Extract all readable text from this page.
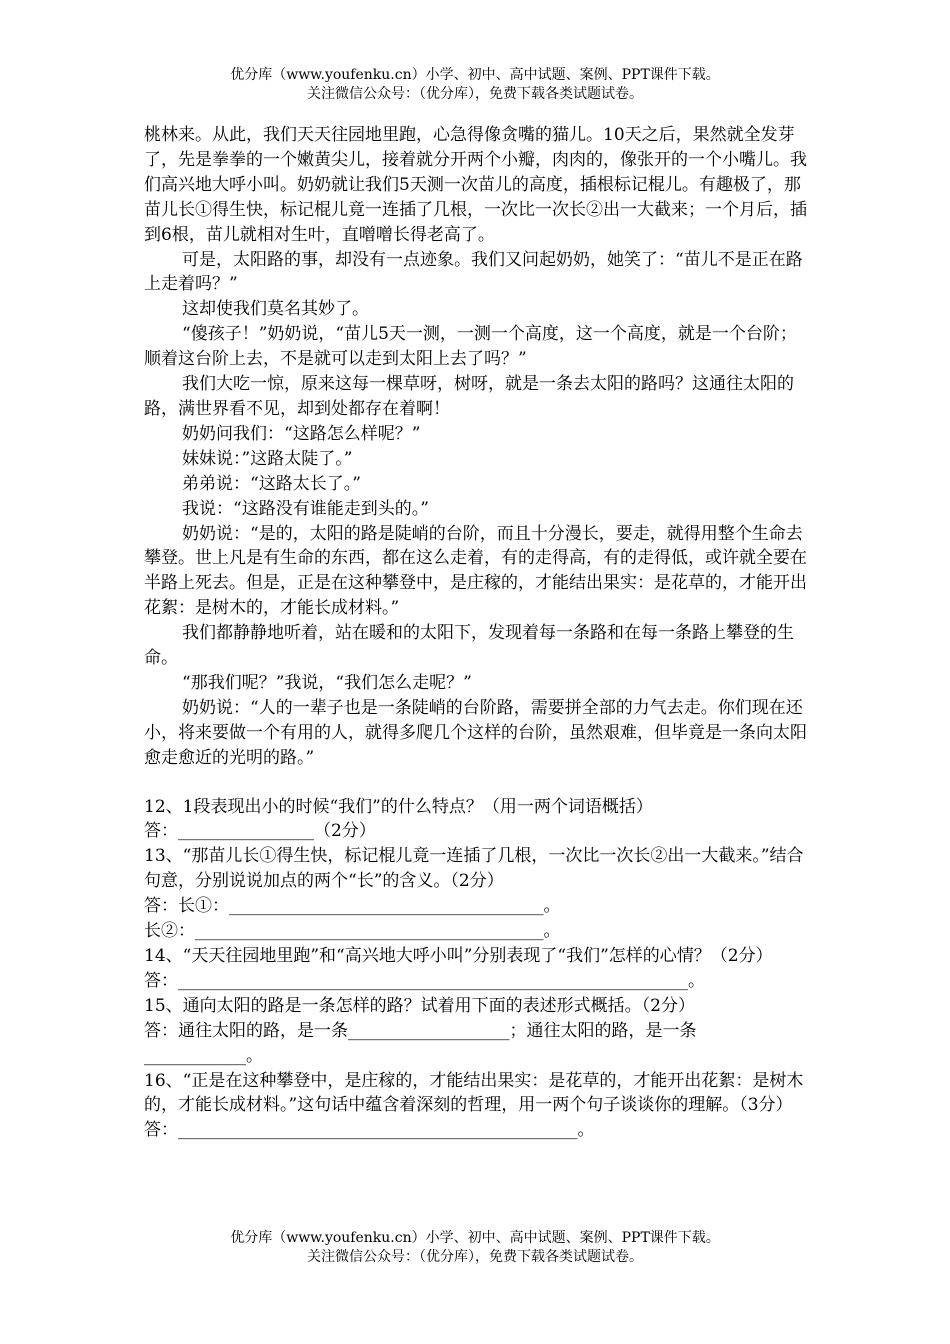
优分库（www.youfenku.cn）小学、初中、高中试题、案例、PPT课件下载。
关注微信公众号：（优分库），免费下载各类试题试卷。

桃林来。从此，我们天天往园地里跑，心急得像贪嘴的猫儿。10天之后，果然就全发芽了，先是拳拳的一个嫩黄尖儿，接着就分开两个小瓣，肉肉的，像张开的一个小嘴儿。我们高兴地大呼小叫。奶奶就让我们5天测一次苗儿的高度，插根标记棍儿。有趣极了，那苗儿长①得生快，标记棍儿竟一连插了几根，一次比一次长②出一大截来；一个月后，插到6根，苗儿就相对生叶，直噌噌长得老高了。

可是，太阳路的事，却没有一点迹象。我们又问起奶奶，她笑了：“苗儿不是正在路上走着吗？”

这却使我们莫名其妙了。

“傻孩子！”奶奶说，“苗儿5天一测，一测一个高度，这一个高度，就是一个台阶；顺着这台阶上去，不是就可以走到太阳上去了吗？”

我们大吃一惊，原来这每一棵草呀，树呀，就是一条去太阳的路吗？这通往太阳的路，满世界看不见，却到处都存在着啊！

奶奶问我们：“这路怎么样呢？”

妹妹说：”这路太陡了。”

弟弟说：“这路太长了。”

我说：“这路没有谁能走到头的。”

奶奶说：“是的，太阳的路是陡峭的台阶，而且十分漫长，要走，就得用整个生命去攀登。世上凡是有生命的东西，都在这么走着，有的走得高，有的走得低，或许就全要在半路上死去。但是，正是在这种攀登中，是庄稼的，才能结出果实：是花草的，才能开出花絮：是树木的，才能长成材料。”

我们都静静地听着，站在暖和的太阳下，发现着每一条路和在每一条路上攀登的生命。

“那我们呢？”我说，“我们怎么走呢？”

奶奶说：“人的一辈子也是一条陡峭的台阶路，需要拼全部的力气去走。你们现在还小，将来要做一个有用的人，就得多爬几个这样的台阶，虽然艰难，但毕竟是一条向太阳愈走愈近的光明的路。”

12、1段表现出小的时候“我们”的什么特点？（用一两个词语概括）

答：________________（2分）

13、“那苗儿长①得生快，标记棍儿竟一连插了几根，一次比一次长②出一大截来。”结合句意，分别说说加点的两个“长”的含义。（2分）

答：长①：_____________________________________。

长②：_________________________________________。

14、“天天往园地里跑”和“高兴地大呼小叫”分别表现了“我们”怎样的心情？（2分）

答：____________________________________________________________。

15、通向太阳的路是一条怎样的路？试着用下面的表述形式概括。（2分）

答：通往太阳的路，是一条___________________；通往太阳的路，是一条____________。

16、“正是在这种攀登中，是庄稼的，才能结出果实：是花草的，才能开出花絮：是树木的，才能长成材料。”这句话中蕴含着深刻的哲理，用一两个句子谈谈你的理解。（3分）

答：_______________________________________________。

优分库（www.youfenku.cn）小学、初中、高中试题、案例、PPT课件下载。
关注微信公众号：（优分库），免费下载各类试题试卷。
